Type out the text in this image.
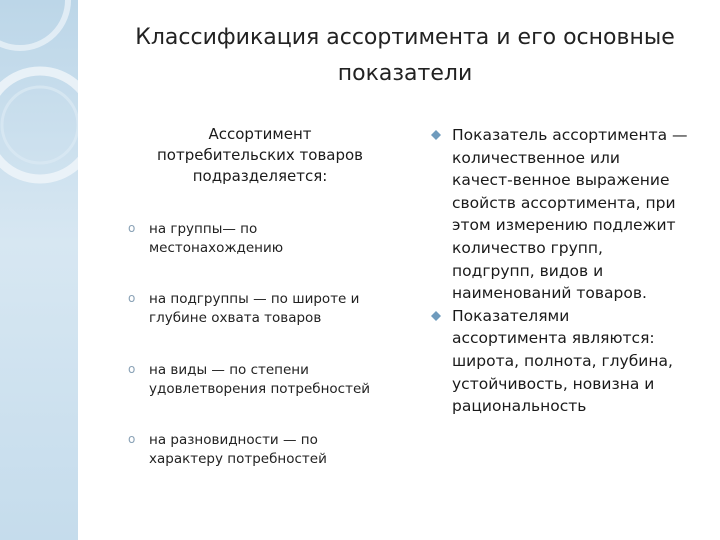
Классификация ассортимента и его основные
показатели
Ассортимент
потребительских товаров
подразделяется:
o на группы— по
местонахождению
o на подгруппы — по широте и
глубине охвата товаров
o на виды — по степени
удовлетворения потребностей
o на разновидности — по
характеру потребностей
Показатель ассортимента —
количественное или
качест-венное выражение
свойств ассортимента, при
этом измерению подлежит
количество групп,
подгрупп, видов и
наименований товаров.
Показателями
ассортимента являются:
широта, полнота, глубина,
устойчивость, новизна и
рациональность
